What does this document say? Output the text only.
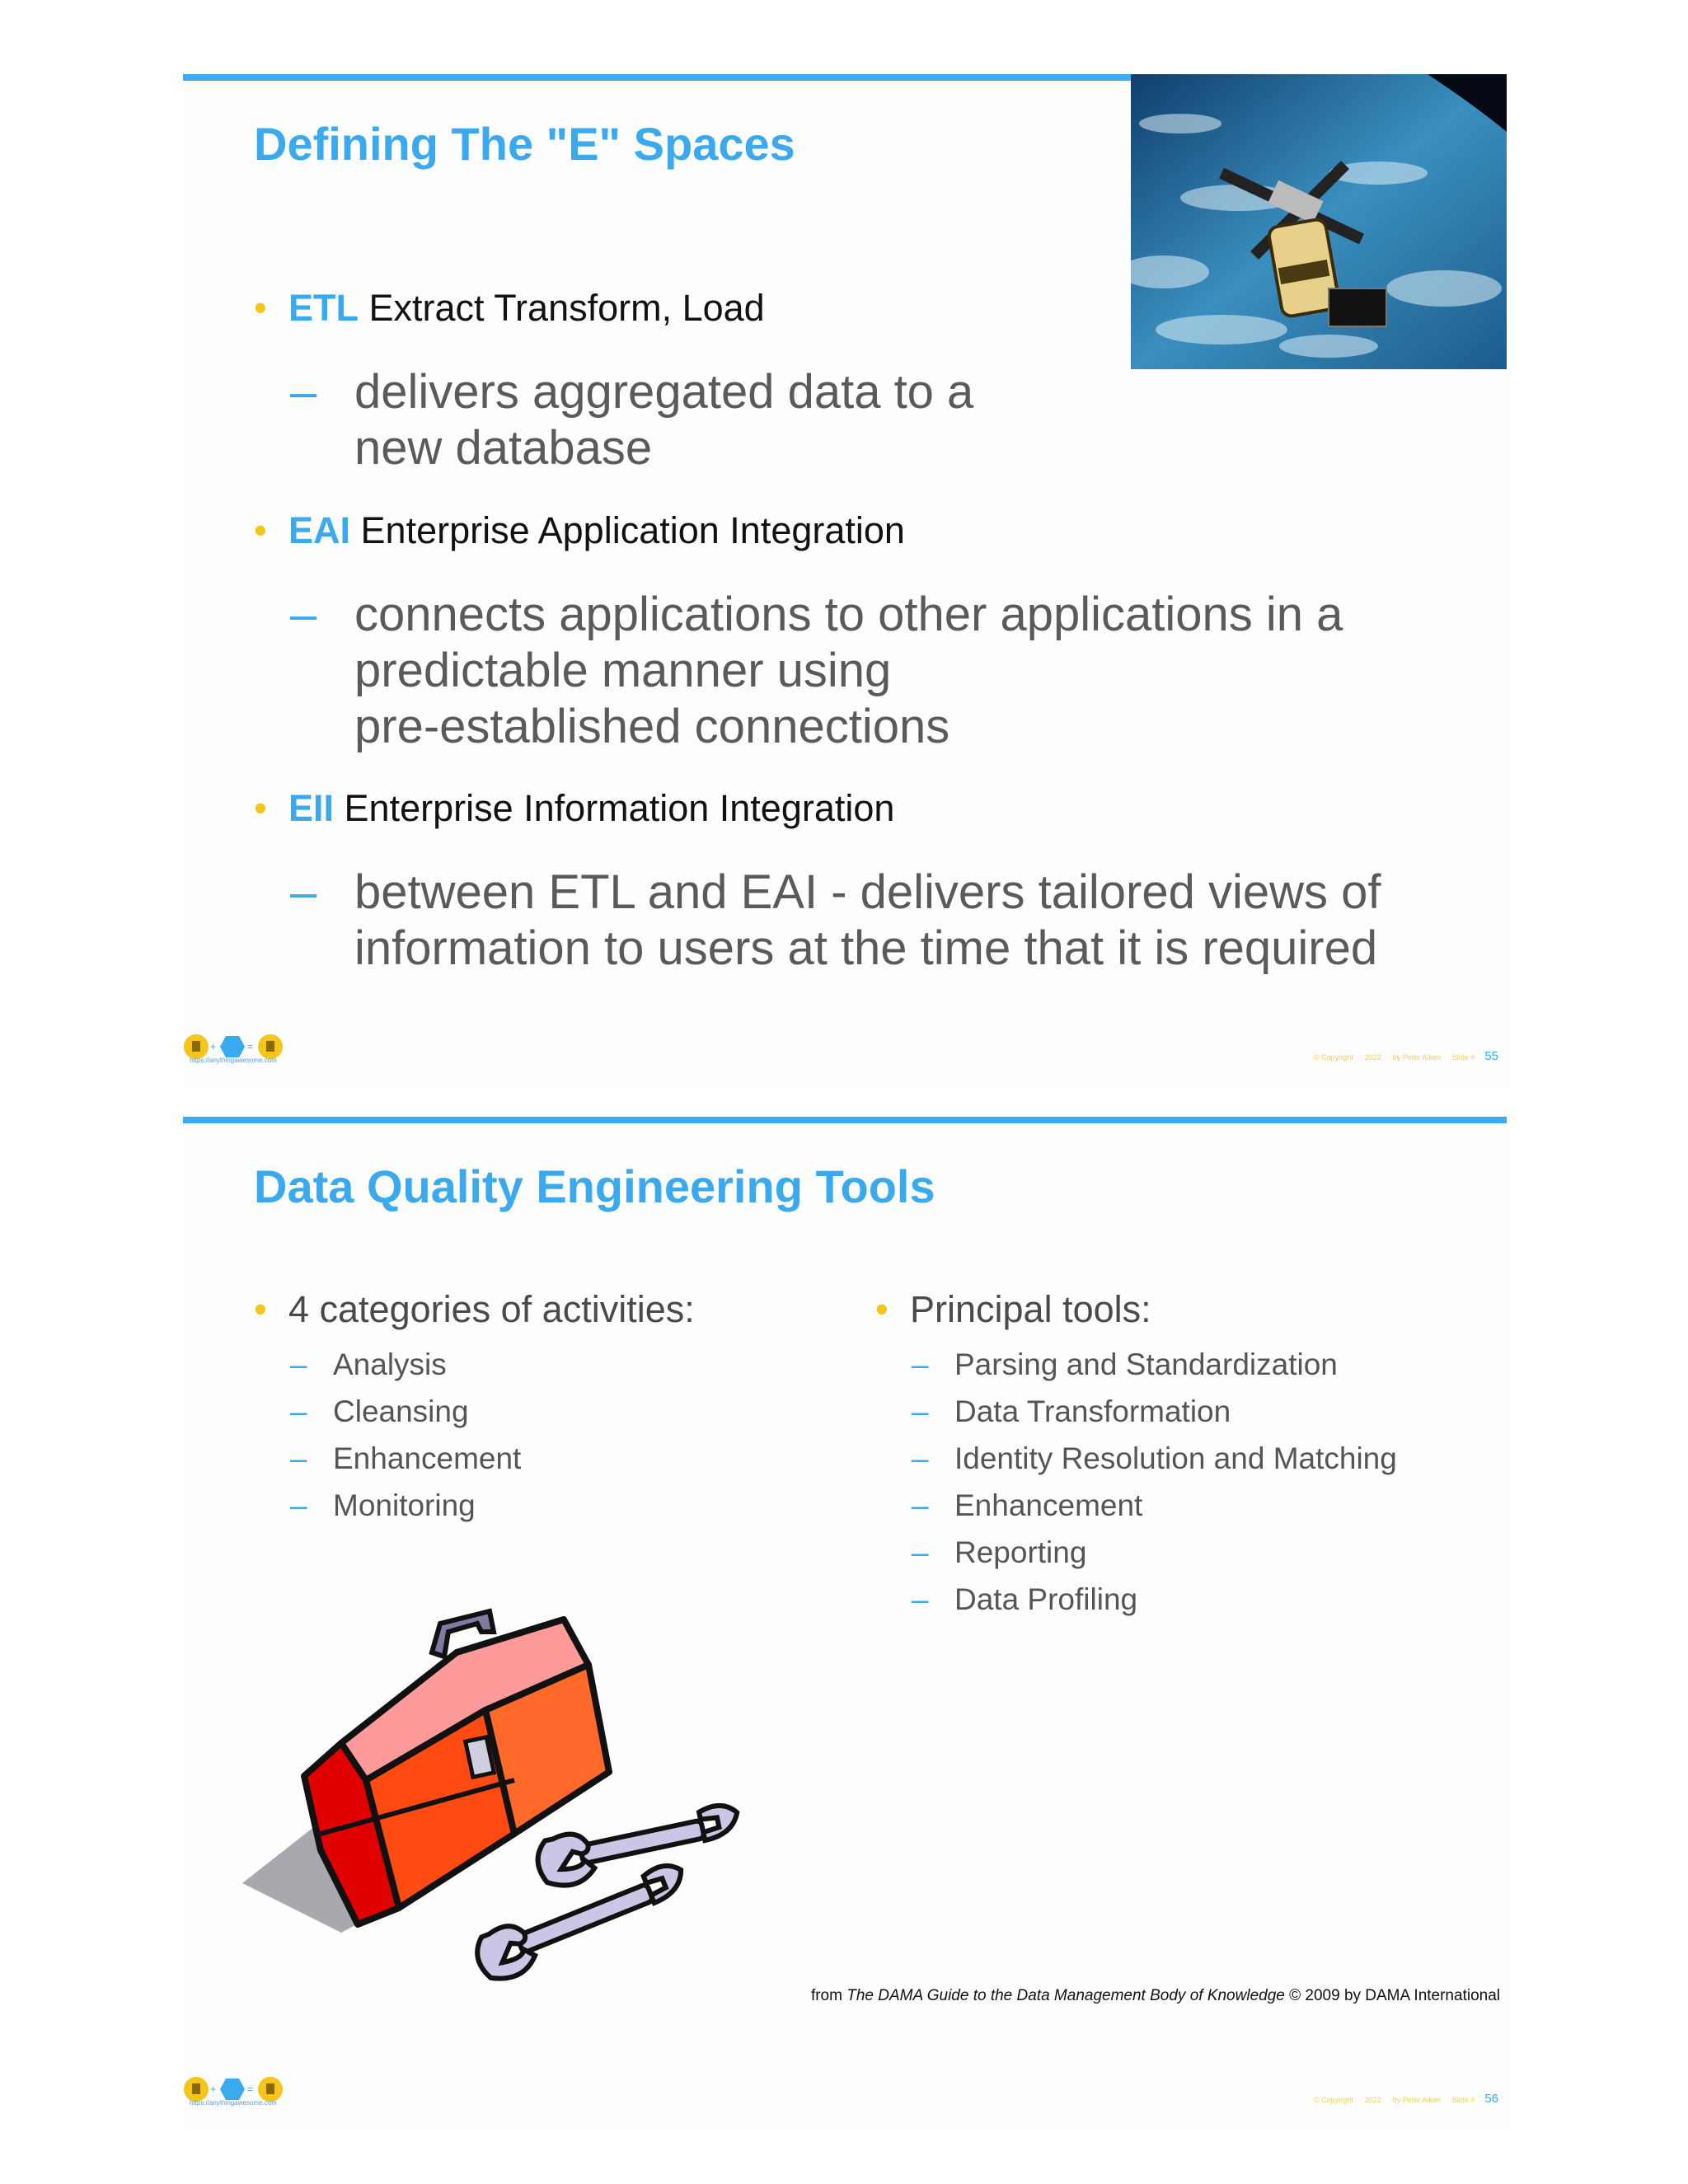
Defining The "E" Spaces
• ETL Extract Transform, Load
– delivers aggregated data to a
new database
• EAI Enterprise Application Integration
– connects applications to other applications in a
predictable manner using
pre-established connections
• EII Enterprise Information Integration
– between ETL and EAI - delivers tailored views of
information to users at the time that it is required
+	=
https://anythingawesome.com	© Copyright 2022 by Peter Aiken Slide # 55
Data Quality Engineering Tools
• 4 categories of activities:
– Analysis
– Cleansing
– Enhancement
– Monitoring
• Principal tools:
– Parsing and Standardization
– Data Transformation
– Identity Resolution and Matching
– Enhancement
– Reporting
– Data Profiling
from The DAMA Guide to the Data Management Body of Knowledge © 2009 by DAMA International
+	=
https://anythingawesome.com	© Copyright 2022 by Peter Aiken Slide # 56
